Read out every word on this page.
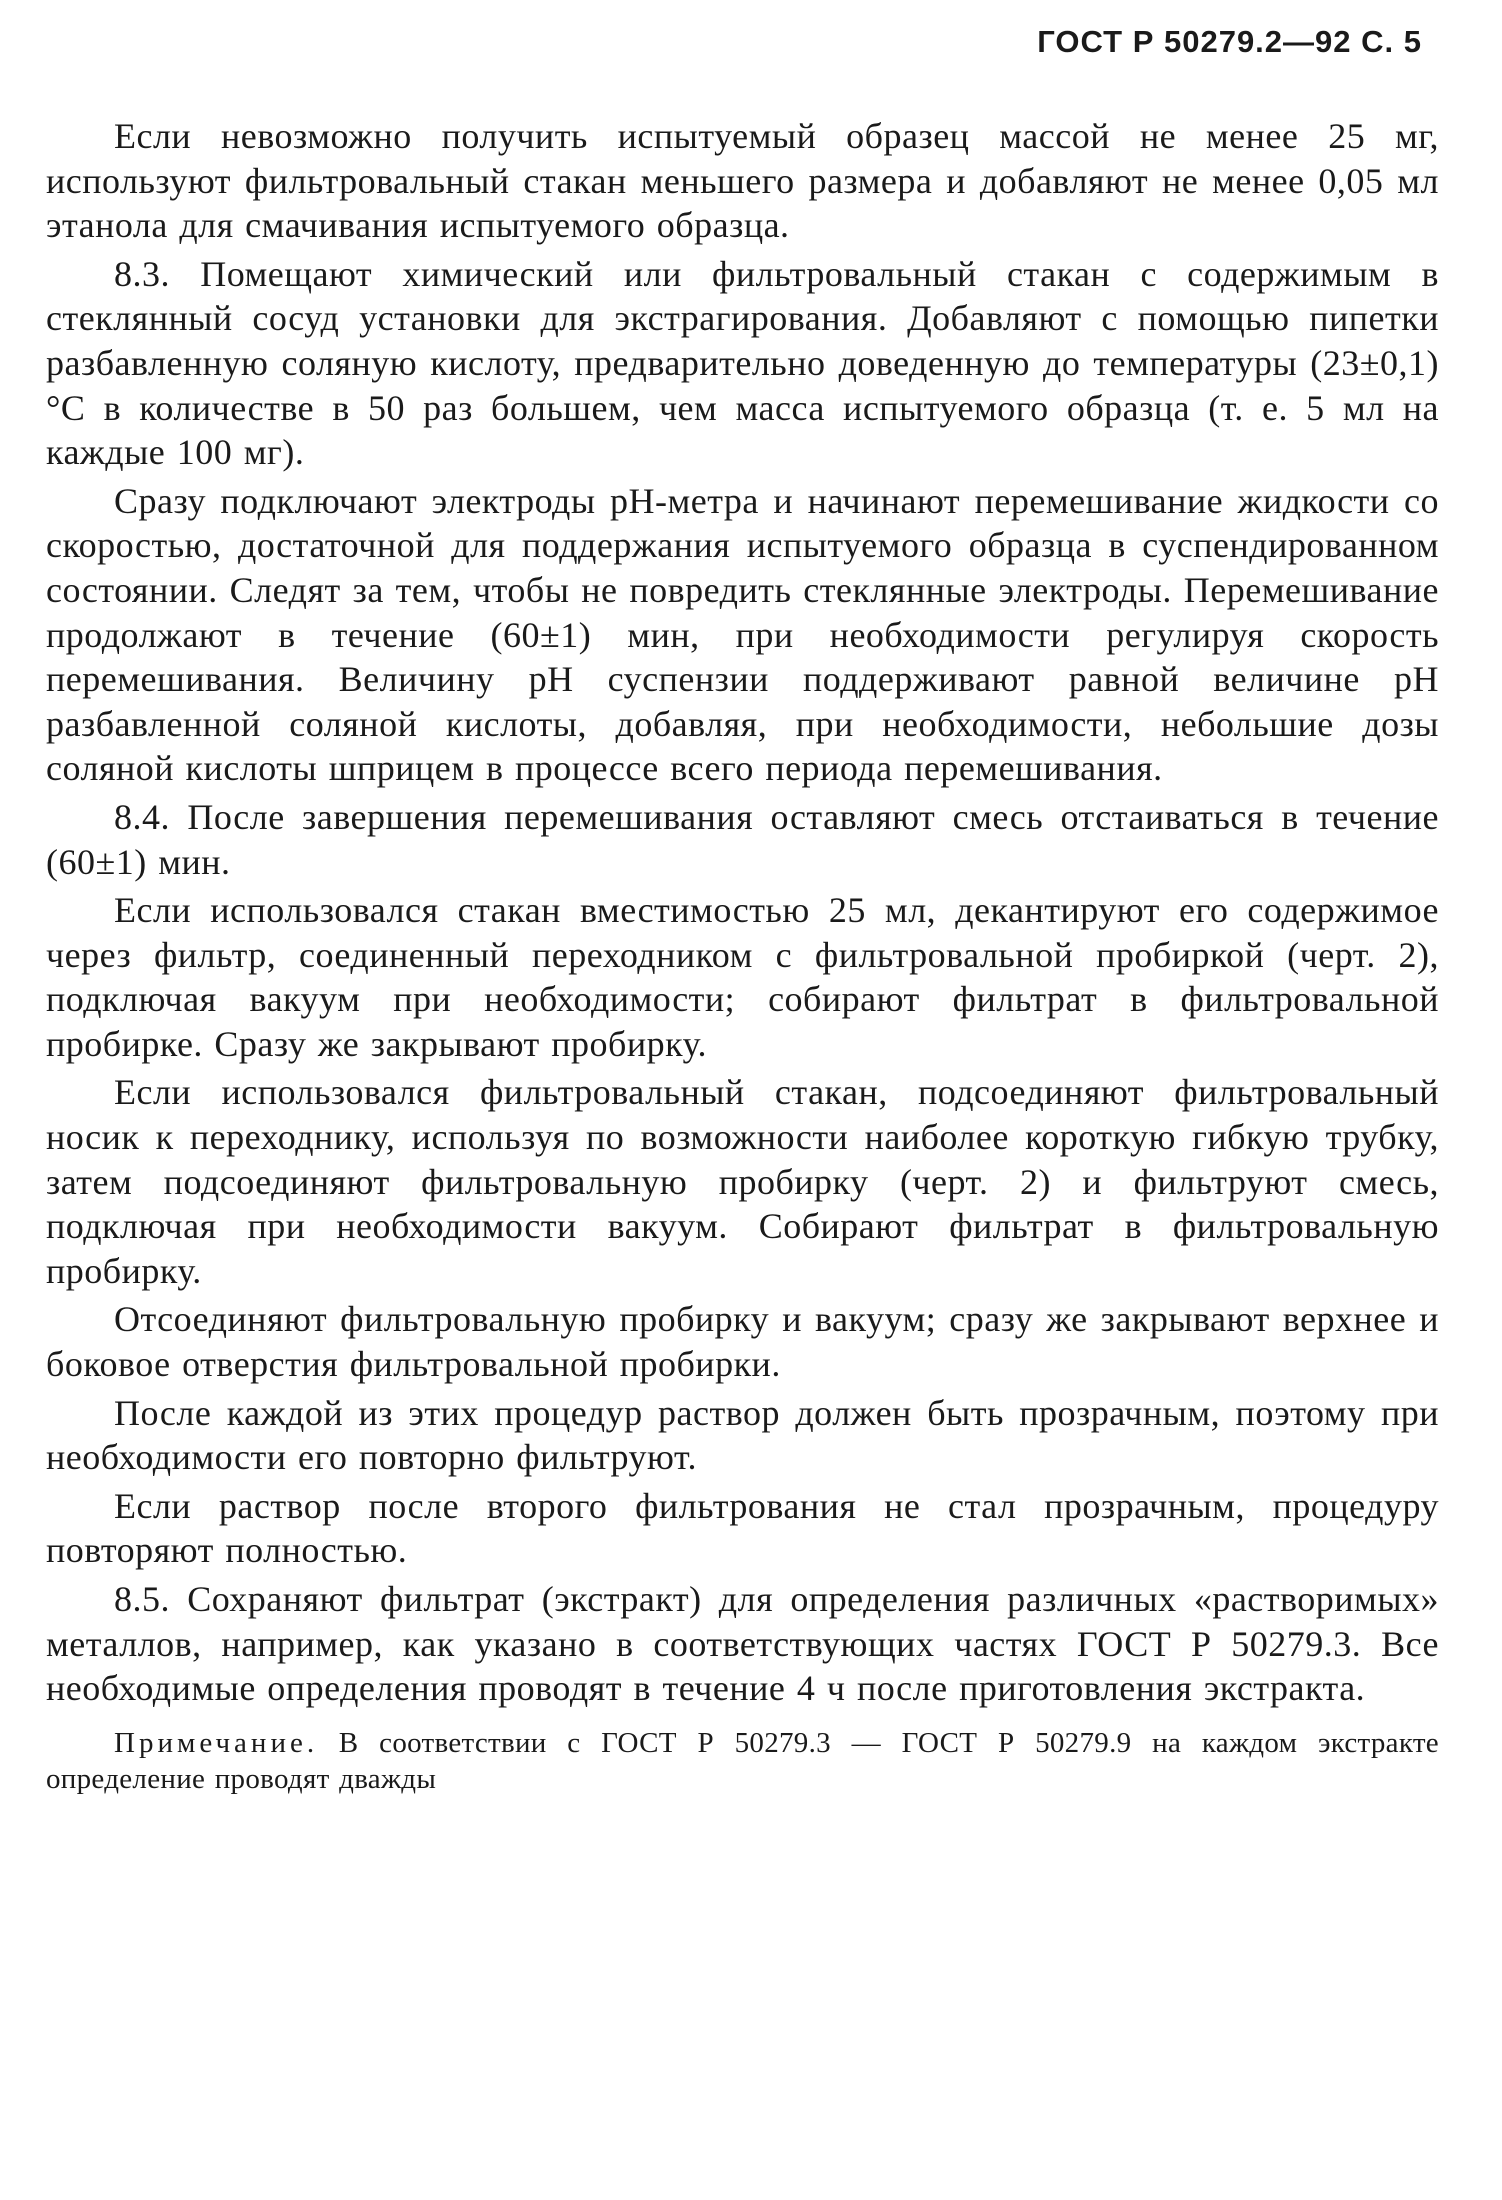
ГОСТ Р 50279.2—92 С. 5

Если невозможно получить испытуемый образец массой не менее 25 мг, используют фильтровальный стакан меньшего размера и добавляют не менее 0,05 мл этанола для смачивания испытуемого образца.

8.3. Помещают химический или фильтровальный стакан с содержимым в стеклянный сосуд установки для экстрагирования. Добавляют с помощью пипетки разбавленную соляную кислоту, предварительно доведенную до температуры (23±0,1)°С в количестве в 50 раз большем, чем масса испытуемого образца (т. е. 5 мл на каждые 100 мг).

Сразу подключают электроды pH-метра и начинают перемешивание жидкости со скоростью, достаточной для поддержания испытуемого образца в суспендированном состоянии. Следят за тем, чтобы не повредить стеклянные электроды. Перемешивание продолжают в течение (60±1) мин, при необходимости регулируя скорость перемешивания. Величину pH суспензии поддерживают равной величине pH разбавленной соляной кислоты, добавляя, при необходимости, небольшие дозы соляной кислоты шприцем в процессе всего периода перемешивания.

8.4. После завершения перемешивания оставляют смесь отстаиваться в течение (60±1) мин.

Если использовался стакан вместимостью 25 мл, декантируют его содержимое через фильтр, соединенный переходником с фильтровальной пробиркой (черт. 2), подключая вакуум при необходимости; собирают фильтрат в фильтровальной пробирке. Сразу же закрывают пробирку.

Если использовался фильтровальный стакан, подсоединяют фильтровальный носик к переходнику, используя по возможности наиболее короткую гибкую трубку, затем подсоединяют фильтровальную пробирку (черт. 2) и фильтруют смесь, подключая при необходимости вакуум. Собирают фильтрат в фильтровальную пробирку.

Отсоединяют фильтровальную пробирку и вакуум; сразу же закрывают верхнее и боковое отверстия фильтровальной пробирки.

После каждой из этих процедур раствор должен быть прозрачным, поэтому при необходимости его повторно фильтруют.

Если раствор после второго фильтрования не стал прозрачным, процедуру повторяют полностью.

8.5. Сохраняют фильтрат (экстракт) для определения различных «растворимых» металлов, например, как указано в соответствующих частях ГОСТ Р 50279.3. Все необходимые определения проводят в течение 4 ч после приготовления экстракта.

Примечание. В соответствии с ГОСТ Р 50279.3 — ГОСТ Р 50279.9 на каждом экстракте определение проводят дважды
